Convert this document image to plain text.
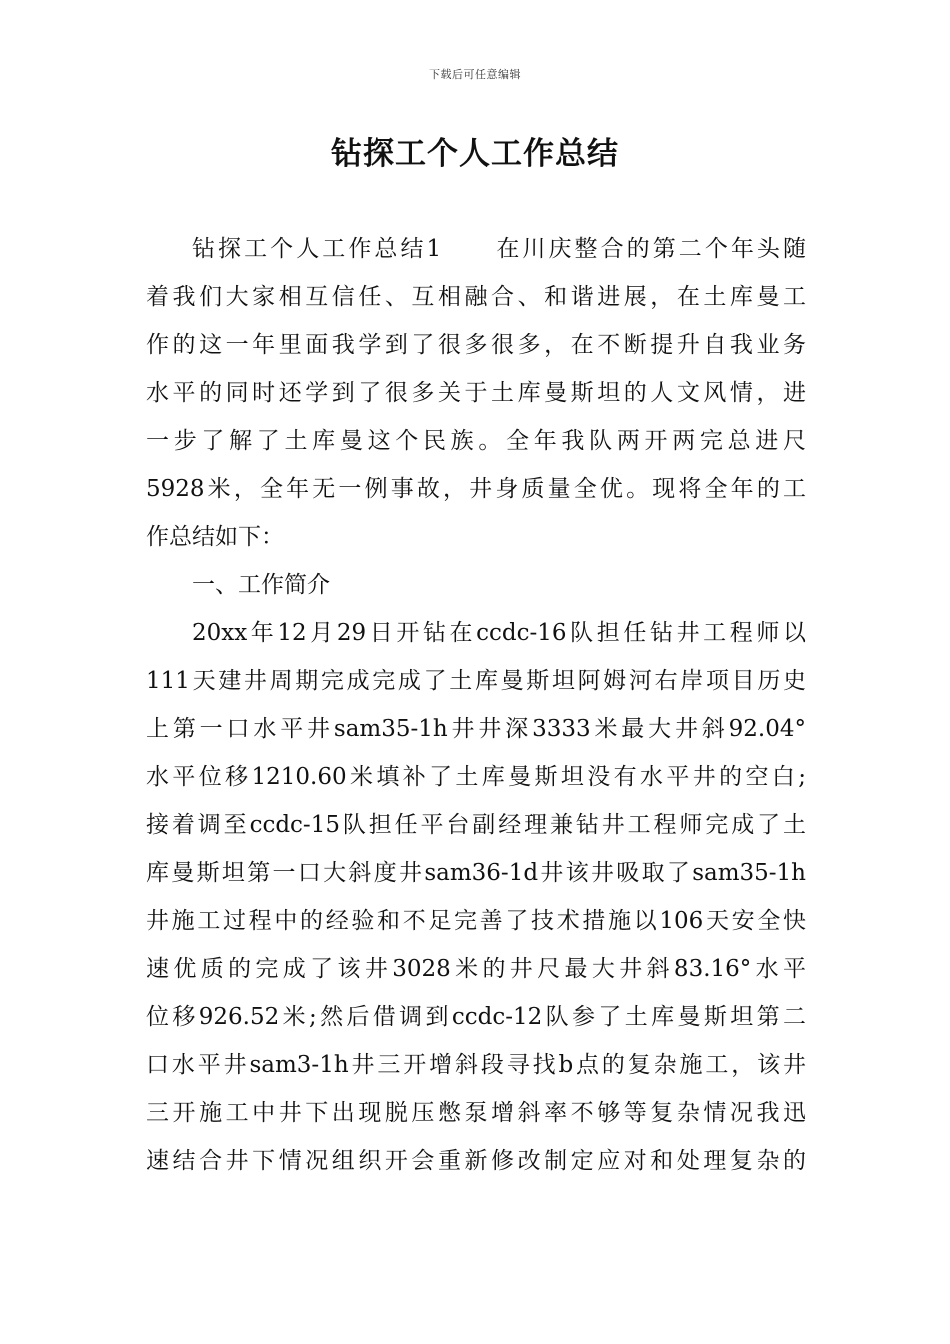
下载后可任意编辑
钻探工个人工作总结
钻探工个人工作总结1　　在川庆整合的第二个年头随
着我们大家相互信任、互相融合、和谐进展，在土库曼工
作的这一年里面我学到了很多很多，在不断提升自我业务
水平的同时还学到了很多关于土库曼斯坦的人文风情，进
一步了解了土库曼这个民族。全年我队两开两完总进尺
5928米，全年无一例事故，井身质量全优。现将全年的工
作总结如下：
一、工作简介
20xx年12月29日开钻在ccdc-16队担任钻井工程师以
111天建井周期完成完成了土库曼斯坦阿姆河右岸项目历史
上第一口水平井sam35-1h井井深3333米最大井斜92.04°
水平位移1210.60米填补了土库曼斯坦没有水平井的空白;
接着调至ccdc-15队担任平台副经理兼钻井工程师完成了土
库曼斯坦第一口大斜度井sam36-1d井该井吸取了sam35-1h
井施工过程中的经验和不足完善了技术措施以106天安全快
速优质的完成了该井3028米的井尺最大井斜83.16°水平
位移926.52米;然后借调到ccdc-12队参了土库曼斯坦第二
口水平井sam3-1h井三开增斜段寻找b点的复杂施工，该井
三开施工中井下出现脱压憋泵增斜率不够等复杂情况我迅
速结合井下情况组织开会重新修改制定应对和处理复杂的
